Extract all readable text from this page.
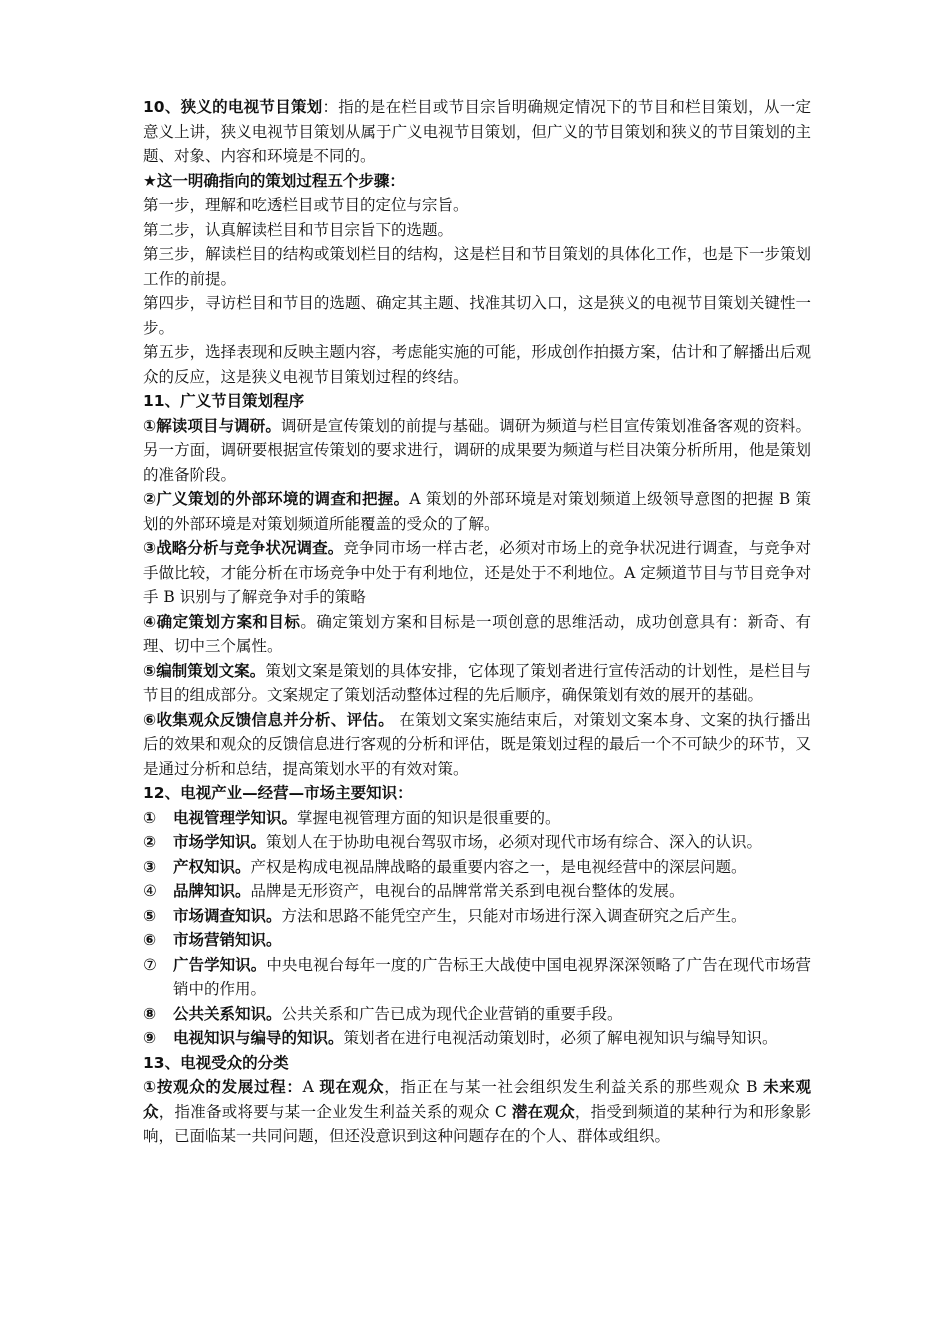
10、狭义的电视节目策划：指的是在栏目或节目宗旨明确规定情况下的节目和栏目策划，从一定意义上讲，狭义电视节目策划从属于广义电视节目策划，但广义的节目策划和狭义的节目策划的主题、对象、内容和环境是不同的。

★这一明确指向的策划过程五个步骤：

第一步，理解和吃透栏目或节目的定位与宗旨。

第二步，认真解读栏目和节目宗旨下的选题。

第三步，解读栏目的结构或策划栏目的结构，这是栏目和节目策划的具体化工作，也是下一步策划工作的前提。

第四步，寻访栏目和节目的选题、确定其主题、找准其切入口，这是狭义的电视节目策划关键性一步。

第五步，选择表现和反映主题内容，考虑能实施的可能，形成创作拍摄方案，估计和了解播出后观众的反应，这是狭义电视节目策划过程的终结。

11、广义节目策划程序

①解读项目与调研。调研是宣传策划的前提与基础。调研为频道与栏目宣传策划准备客观的资料。另一方面，调研要根据宣传策划的要求进行，调研的成果要为频道与栏目决策分析所用，他是策划的准备阶段。

②广义策划的外部环境的调查和把握。A 策划的外部环境是对策划频道上级领导意图的把握 B 策划的外部环境是对策划频道所能覆盖的受众的了解。

③战略分析与竞争状况调查。竞争同市场一样古老，必须对市场上的竞争状况进行调查，与竞争对手做比较，才能分析在市场竞争中处于有利地位，还是处于不利地位。A 定频道节目与节目竞争对手 B 识别与了解竞争对手的策略

④确定策划方案和目标。确定策划方案和目标是一项创意的思维活动，成功创意具有：新奇、有理、切中三个属性。

⑤编制策划文案。策划文案是策划的具体安排，它体现了策划者进行宣传活动的计划性，是栏目与节目的组成部分。文案规定了策划活动整体过程的先后顺序，确保策划有效的展开的基础。

⑥收集观众反馈信息并分析、评估。 在策划文案实施结束后，对策划文案本身、文案的执行播出后的效果和观众的反馈信息进行客观的分析和评估，既是策划过程的最后一个不可缺少的环节，又是通过分析和总结，提高策划水平的有效对策。

12、电视产业—经营—市场主要知识：

①	电视管理学知识。掌握电视管理方面的知识是很重要的。
②	市场学知识。策划人在于协助电视台驾驭市场，必须对现代市场有综合、深入的认识。
③	产权知识。产权是构成电视品牌战略的最重要内容之一，是电视经营中的深层问题。
④	品牌知识。品牌是无形资产，电视台的品牌常常关系到电视台整体的发展。
⑤	市场调查知识。方法和思路不能凭空产生，只能对市场进行深入调查研究之后产生。
⑥	市场营销知识。
⑦	广告学知识。中央电视台每年一度的广告标王大战使中国电视界深深领略了广告在现代市场营销中的作用。
⑧	公共关系知识。公共关系和广告已成为现代企业营销的重要手段。
⑨	电视知识与编导的知识。策划者在进行电视活动策划时，必须了解电视知识与编导知识。

13、电视受众的分类

①按观众的发展过程：A 现在观众，指正在与某一社会组织发生利益关系的那些观众 B 未来观众，指准备或将要与某一企业发生利益关系的观众 C 潜在观众，指受到频道的某种行为和形象影响，已面临某一共同问题，但还没意识到这种问题存在的个人、群体或组织。
